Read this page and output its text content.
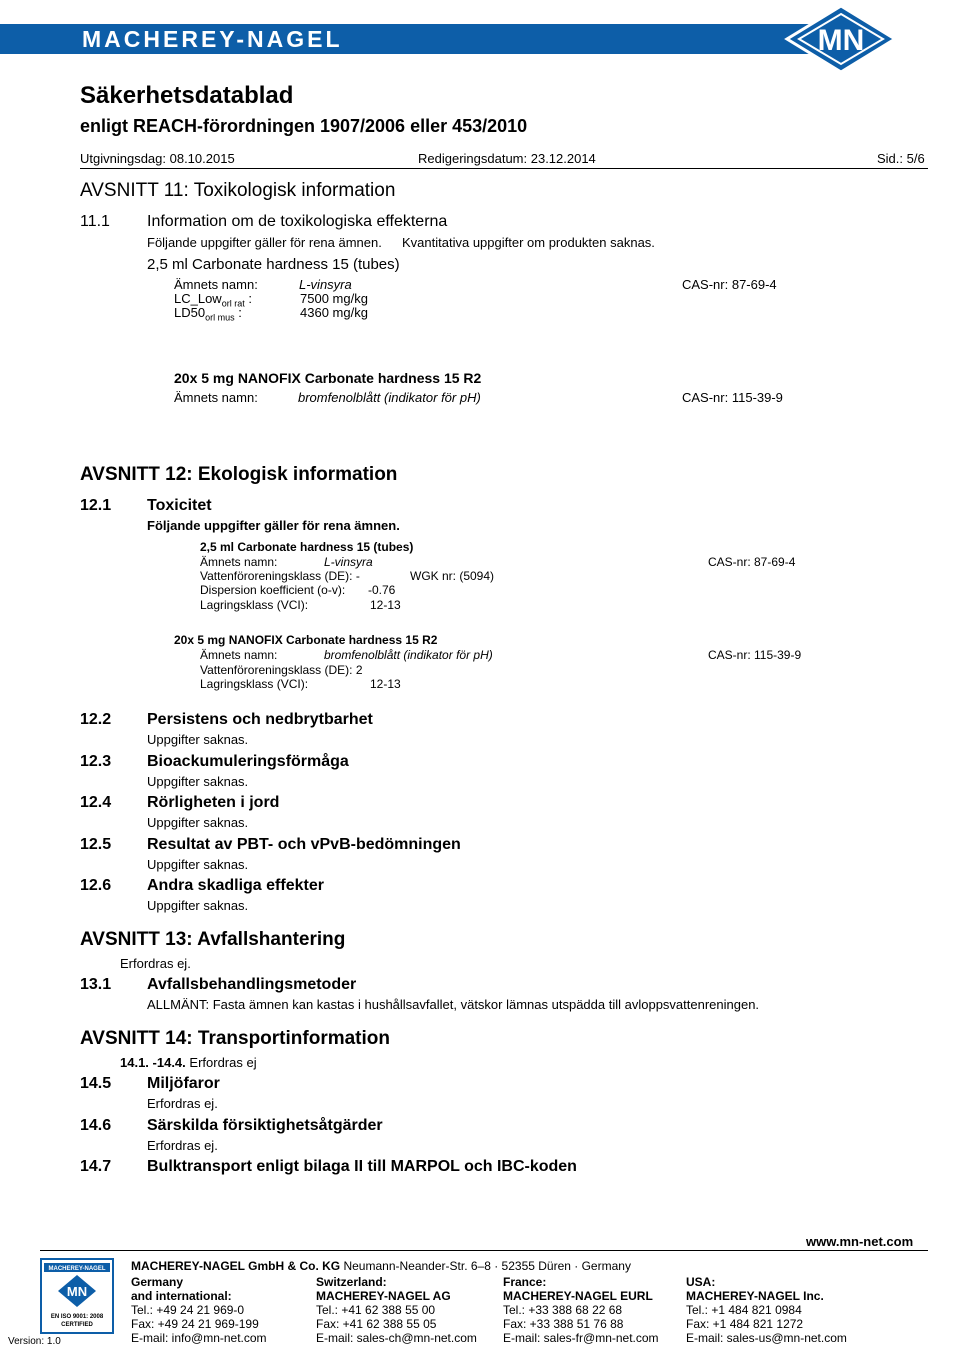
MACHEREY-NAGEL	MN
Säkerhetsdatablad
enligt REACH-förordningen 1907/2006 eller 453/2010
Utgivningsdag: 08.10.2015	Redigeringsdatum: 23.12.2014	Sid.: 5/6
AVSNITT 11: Toxikologisk information
11.1 Information om de toxikologiska effekterna
Följande uppgifter gäller för rena ämnen. Kvantitativa uppgifter om produkten saknas.
2,5 ml Carbonate hardness 15 (tubes)
Ämnets namn:	L-vinsyra	CAS-nr: 87-69-4
LC_Low$_{orl rat}$ :	7500 mg/kg
$LD50_{orl mus}$ :	4360 mg/kg
20x 5 mg NANOFIX Carbonate hardness 15 R2
Ämnets namn:	bromfenolblått (indikator för pH)	CAS-nr: 115-39-9
AVSNITT 12: Ekologisk information
12.1 Toxicitet
Följande uppgifter gäller för rena ämnen.
2,5 ml Carbonate hardness 15 (tubes)
Ämnets namn:	L-vinsyra	CAS-nr: 87-69-4
Vattenföroreningsklass (DE): -	WGK nr: (5094)
Dispersion koefficient (o-v): -0.76
Lagringsklass (VCI):	12-13
20x 5 mg NANOFIX Carbonate hardness 15 R2
Ämnets namn:	bromfenolblått (indikator för pH)	CAS-nr: 115-39-9
Vattenföroreningsklass (DE): 2
Lagringsklass (VCI):	12-13
12.2 Persistens och nedbrytbarhet
Uppgifter saknas.
12.3 Bioackumuleringsförmåga
Uppgifter saknas.
12.4 Rörligheten i jord
Uppgifter saknas.
12.5 Resultat av PBT- och vPvB-bedömningen
Uppgifter saknas.
12.6 Andra skadliga effekter
Uppgifter saknas.
AVSNITT 13: Avfallshantering
Erfordras ej.
13.1 Avfallsbehandlingsmetoder
ALLMÄNT: Fasta ämnen kan kastas i hushållsavfallet, vätskor lämnas utspädda till avloppsvattenreningen.
AVSNITT 14: Transportinformation
14.1. -14.4. Erfordras ej
14.5 Miljöfaror
Erfordras ej.
14.6 Särskilda försiktighetsåtgärder
Erfordras ej.
14.7 Bulktransport enligt bilaga II till MARPOL och IBC-koden
www.mn-net.com
MACHEREY-NAGEL
MN
EN ISO 9001: 2008
CERTIFIED
Version: 1.0
MACHEREY-NAGEL GmbH & Co. KG Neumann-Neander-Str. 6–8 · 52355 Düren · Germany
Germany
and international:
Tel.: +49 24 21 969-0
Fax: +49 24 21 969-199
E-mail: info@mn-net.com
Switzerland:
MACHEREY-NAGEL AG
Tel.: +41 62 388 55 00
Fax: +41 62 388 55 05
E-mail: sales-ch@mn-net.com
France:
MACHEREY-NAGEL EURL
Tel.: +33 388 68 22 68
Fax: +33 388 51 76 88
E-mail: sales-fr@mn-net.com
USA:
MACHEREY-NAGEL Inc.
Tel.: +1 484 821 0984
Fax: +1 484 821 1272
E-mail: sales-us@mn-net.com
